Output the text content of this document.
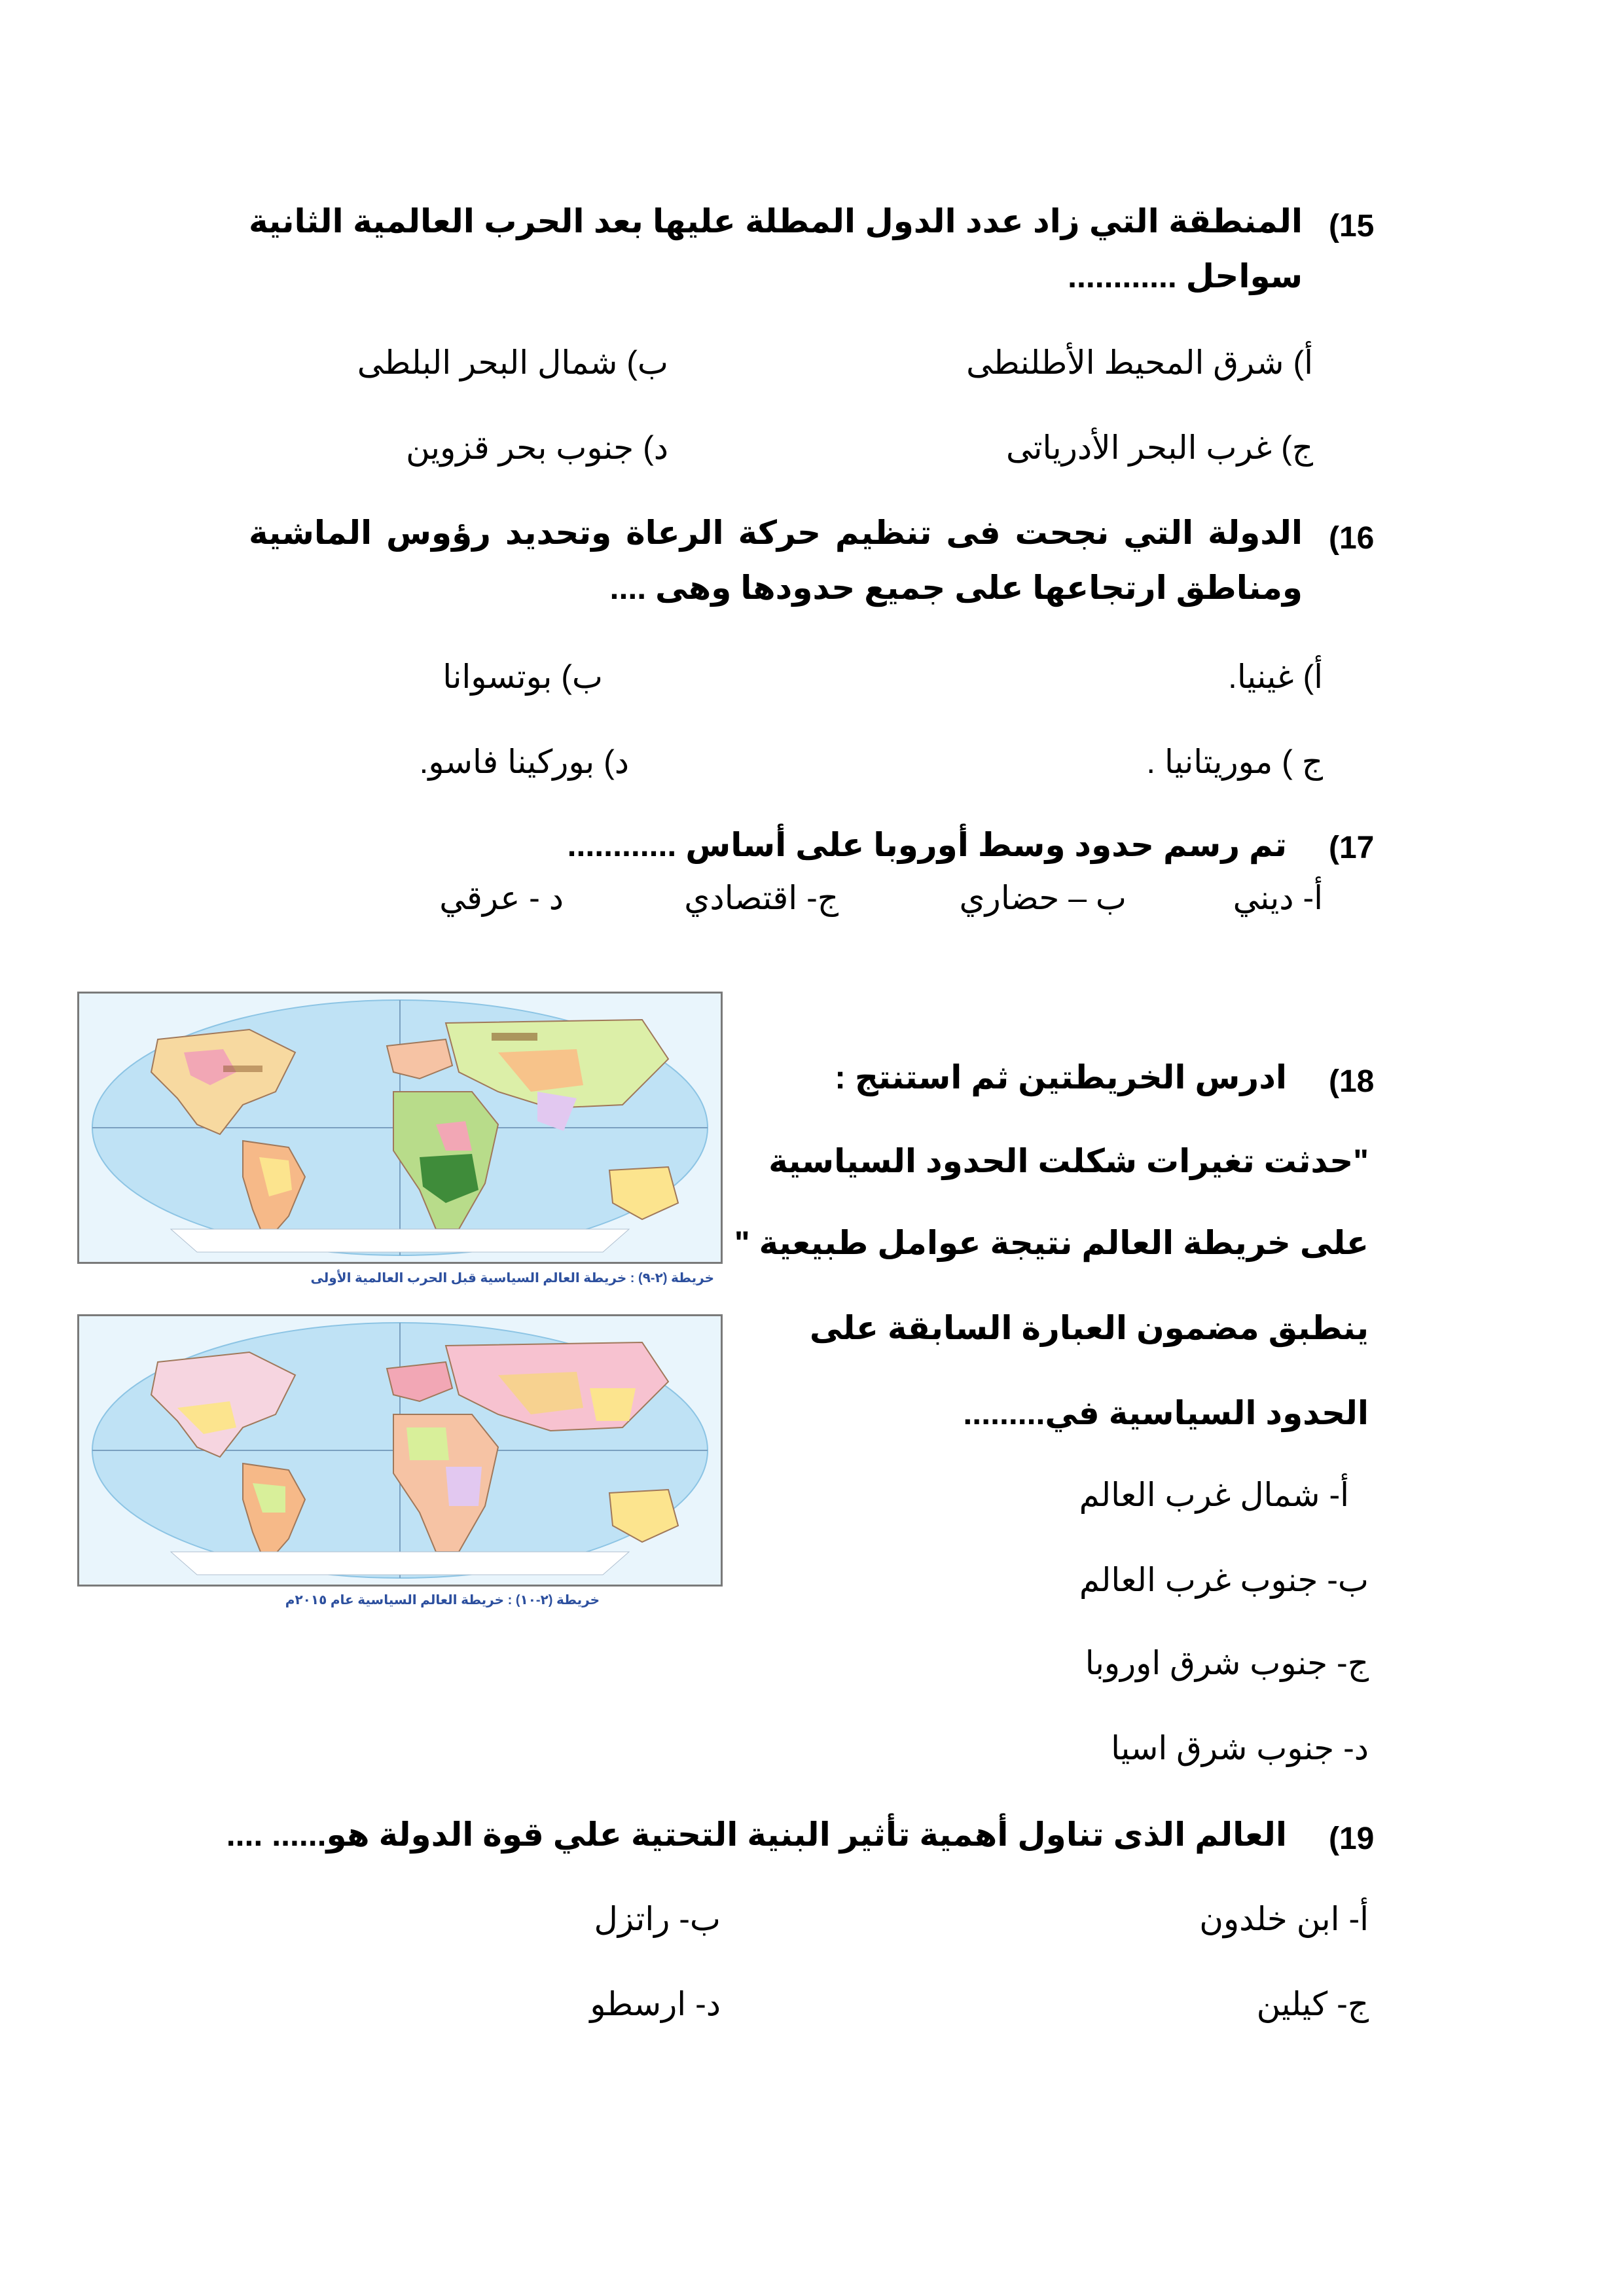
(15
المنطقة التي زاد عدد الدول المطلة عليها بعد الحرب العالمية الثانية سواحل ............
أ) شرق المحيط الأطلنطى
ب) شمال البحر البلطى
ج) غرب البحر الأدرياتى
د) جنوب بحر قزوين
(16
الدولة التي نجحت فى تنظيم حركة الرعاة وتحديد رؤوس الماشية ومناطق ارتجاعها على جميع حدودها وهى ....
أ) غينيا.
ب) بوتسوانا
ج ) موريتانيا .
د) بوركينا فاسو.
(17
تم رسم حدود وسط أوروبا على أساس ............
أ- ديني
ب – حضاري
ج- اقتصادي
د - عرقي
خريطة (٢-٩) : خريطة العالم السياسية قبل الحرب العالمية الأولى
خريطة (٢-١٠) : خريطة العالم السياسية عام ٢٠١٥م
(18
ادرس الخريطتين ثم استنتج :
"حدثت تغيرات شكلت الحدود السياسية
على خريطة العالم نتيجة عوامل طبيعية "
ينطبق مضمون العبارة السابقة على
الحدود السياسية في.........
أ- شمال غرب العالم
ب- جنوب غرب العالم
ج- جنوب شرق اوروبا
د- جنوب شرق اسيا
(19
العالم الذى تناول أهمية تأثير البنية التحتية علي قوة الدولة هو...... ....
أ- ابن خلدون
ب- راتزل
ج- كيلين
د- ارسطو
